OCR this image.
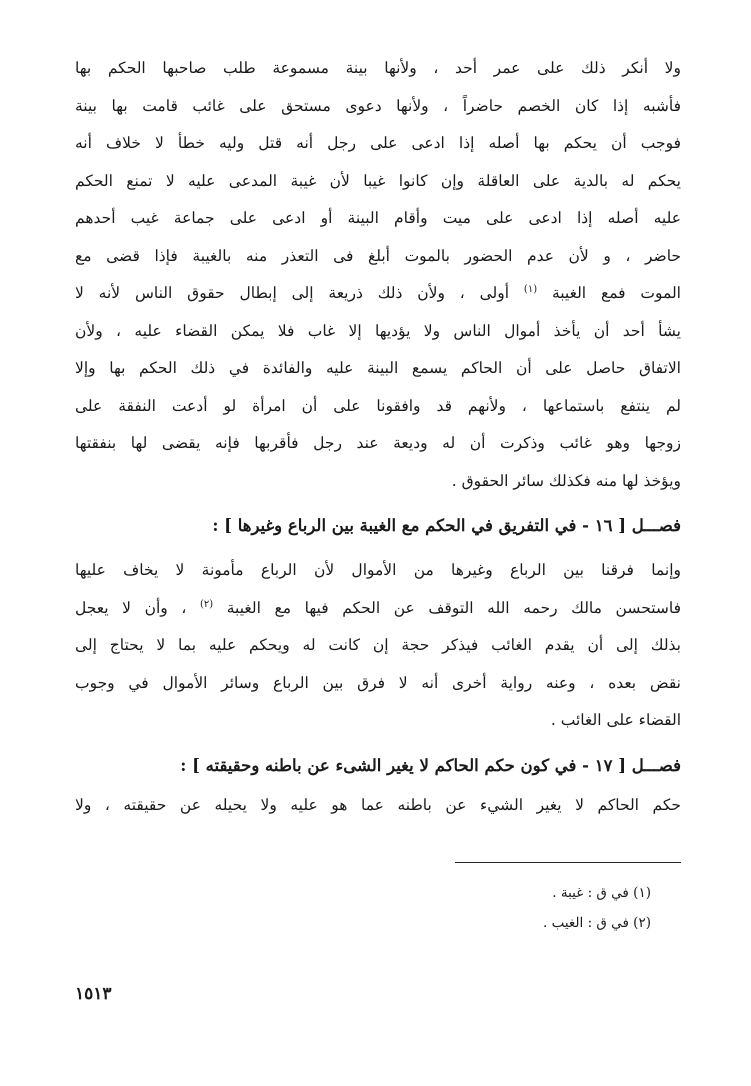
ولا أنكر ذلك على عمر أحد ، ولأنها بينة مسموعة طلب صاحبها الحكم بها
فأشبه إذا كان الخصم حاضراً ، ولأنها دعوى مستحق على غائب قامت بها بينة
فوجب أن يحكم بها أصله إذا ادعى على رجل أنه قتل وليه خطأ لا خلاف أنه
يحكم له بالدية على العاقلة وإن كانوا غيبا لأن غيبة المدعى عليه لا تمنع الحكم
عليه أصله إذا ادعى على ميت وأقام البينة أو ادعى على جماعة غيب أحدهم
حاضر ، و لأن عدم الحضور بالموت أبلغ فى التعذر منه بالغيبة فإذا قضى مع
الموت فمع الغيبة $^{(١)}$ أولى ، ولأن ذلك ذريعة إلى إبطال حقوق الناس لأنه لا
يشأ أحد أن يأخذ أموال الناس ولا يؤديها إلا غاب فلا يمكن القضاء عليه ، ولأن
الاتفاق حاصل على أن الحاكم يسمع البينة عليه والفائدة في ذلك الحكم بها وإلا
لم ينتفع باستماعها ، ولأنهم قد وافقونا على أن امرأة لو أدعت النفقة على
زوجها وهو غائب وذكرت أن له وديعة عند رجل فأقربها فإنه يقضى لها بنفقتها
ويؤخذ لها منه فكذلك سائر الحقوق .
فصـــل [ ١٦ - في التفريق في الحكم مع الغيبة بين الرباع وغيرها ] :
وإنما فرقنا بين الرباع وغيرها من الأموال لأن الرباع مأمونة لا يخاف عليها
فاستحسن مالك رحمه الله التوقف عن الحكم فيها مع الغيبة $^{(٢)}$ ، وأن لا يعجل
بذلك إلى أن يقدم الغائب فيذكر حجة إن كانت له ويحكم عليه بما لا يحتاج إلى
نقض بعده ، وعنه رواية أخرى أنه لا فرق بين الرباع وسائر الأموال في وجوب
القضاء على الغائب .
فصـــل [ ١٧ - في كون حكم الحاكم لا يغير الشىء عن باطنه وحقيقته ] :
حكم الحاكم لا يغير الشيء عن باطنه عما هو عليه ولا يحيله عن حقيقته ، ولا
(١) في ق : غيبة .
(٢) في ق : الغيب .
١٥١٣
